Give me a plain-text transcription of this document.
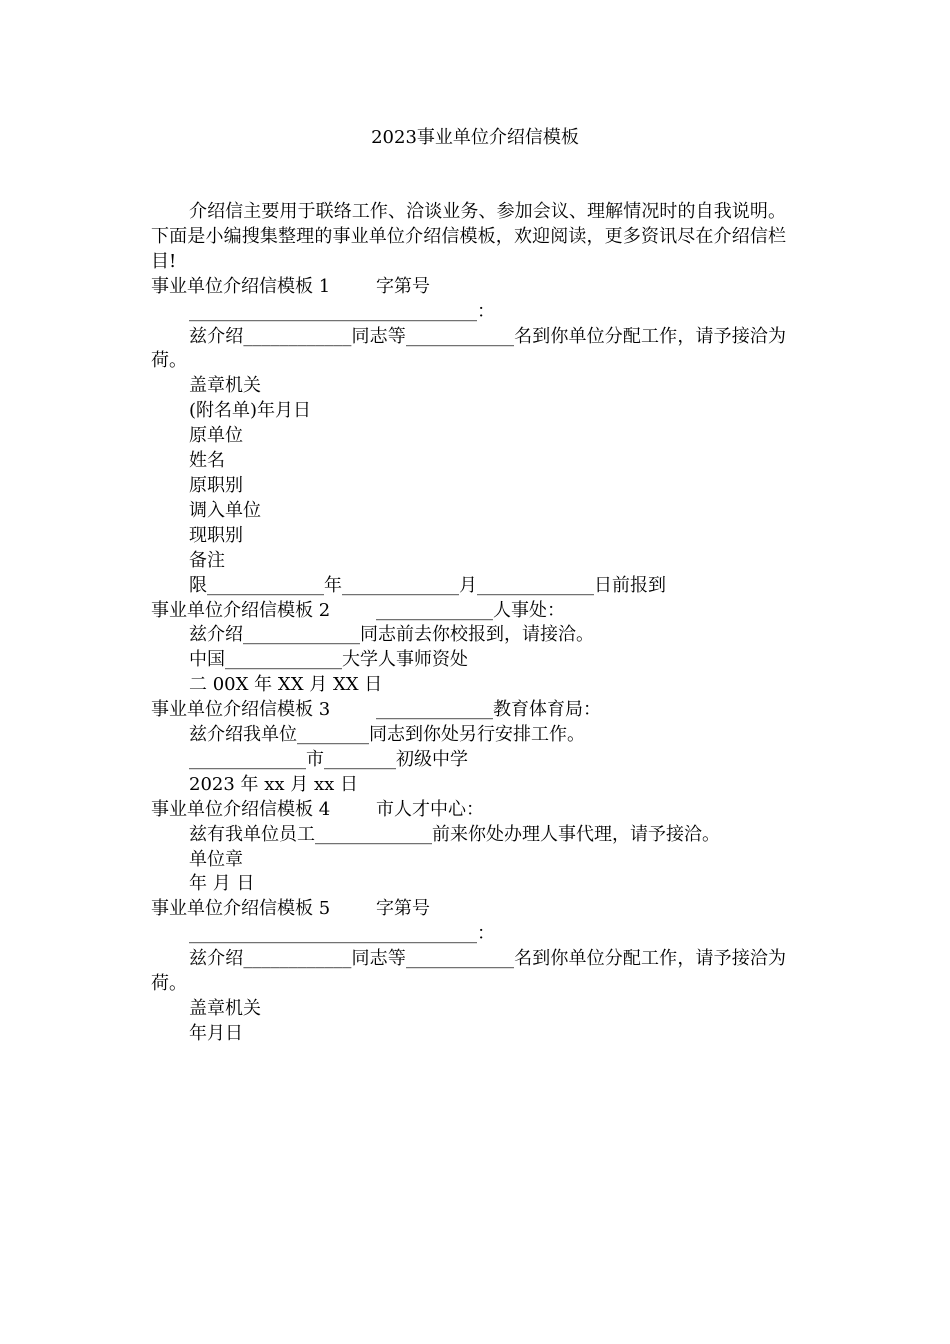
2023事业单位介绍信模板

介绍信主要用于联络工作、洽谈业务、参加会议、理解情况时的自我说明。下面是小编搜集整理的事业单位介绍信模板，欢迎阅读，更多资讯尽在介绍信栏目!

事业单位介绍信模板 1        字第号

________________________________：

兹介绍____________同志等____________名到你单位分配工作，请予接洽为荷。

盖章机关

(附名单)年月日

原单位

姓名

原职别

调入单位

现职别

备注

限_____________年_____________月_____________日前报到

事业单位介绍信模板 2        _____________人事处：

兹介绍_____________同志前去你校报到，请接洽。

中国_____________大学人事师资处

二 00X 年 XX 月 XX 日

事业单位介绍信模板 3        _____________教育体育局：

兹介绍我单位________同志到你处另行安排工作。

_____________市________初级中学

2023 年 xx 月 xx 日

事业单位介绍信模板 4        市人才中心：

兹有我单位员工_____________前来你处办理人事代理，请予接洽。

单位章

年 月 日

事业单位介绍信模板 5        字第号

________________________________：

兹介绍____________同志等____________名到你单位分配工作，请予接洽为荷。

盖章机关

年月日
